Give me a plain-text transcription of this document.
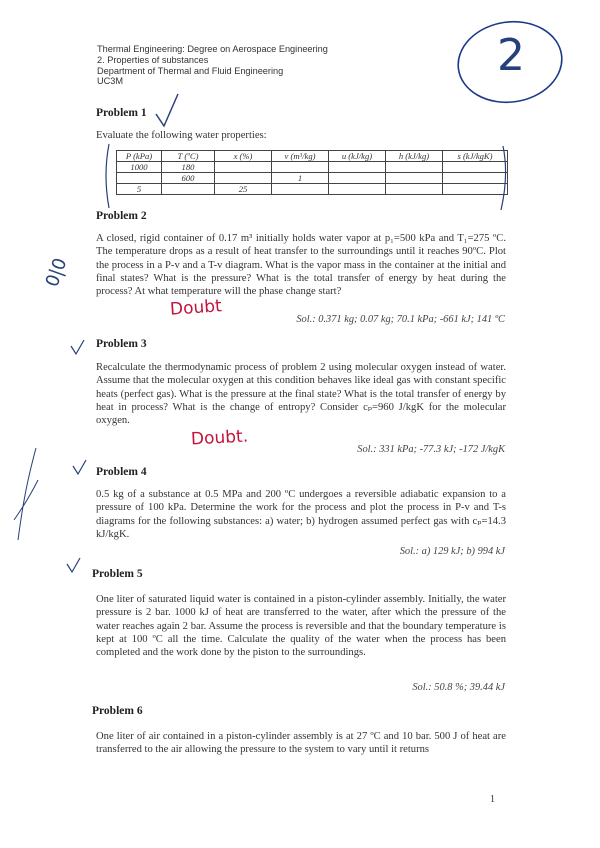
Thermal Engineering: Degree on Aerospace Engineering
2. Properties of substances
Department of Thermal and Fluid Engineering
UC3M
2
Problem 1
Evaluate the following water properties:
P (kPa)	T (ºC)	x (%)	v (m³/kg)	u (kJ/kg)	h (kJ/kg)	s (kJ/kgK)
1000	180					
	600		1			
5		25				
Problem 2
A closed, rigid container of 0.17 m³ initially holds water vapor at p₁=500 kPa and T₁=275 ºC. The temperature drops as a result of heat transfer to the surroundings until it reaches 90ºC. Plot the process in a P-v and a T-v diagram. What is the vapor mass in the container at the initial and final states? What is the pressure? What is the total transfer of energy by heat during the process? At what temperature will the phase change start?
Doubt	Sol.: 0.371 kg; 0.07 kg; 70.1 kPa; -661 kJ; 141 ºC
0|0
Problem 3
Recalculate the thermodynamic process of problem 2 using molecular oxygen instead of water. Assume that the molecular oxygen at this condition behaves like ideal gas with constant specific heats (perfect gas). What is the pressure at the final state? What is the total transfer of energy by heat in process? What is the change of entropy? Consider cₚ=960 J/kgK for the molecular oxygen.
Doubt.
Sol.: 331 kPa; -77.3 kJ; -172 J/kgK
Problem 4
0.5 kg of a substance at 0.5 MPa and 200 ºC undergoes a reversible adiabatic expansion to a pressure of 100 kPa. Determine the work for the process and plot the process in P-v and T-s diagrams for the following substances: a) water; b) hydrogen assumed perfect gas with cₚ=14.3 kJ/kgK.
Sol.: a) 129 kJ; b) 994 kJ
Problem 5
One liter of saturated liquid water is contained in a piston-cylinder assembly. Initially, the water pressure is 2 bar. 1000 kJ of heat are transferred to the water, after which the pressure of the water reaches again 2 bar. Assume the process is reversible and that the boundary temperature is kept at 100 ºC all the time. Calculate the quality of the water when the process has been completed and the work done by the piston to the surroundings.
Sol.: 50.8 %; 39.44 kJ
Problem 6
One liter of air contained in a piston-cylinder assembly is at 27 ºC and 10 bar. 500 J of heat are transferred to the air allowing the pressure to the system to vary until it returns
1
